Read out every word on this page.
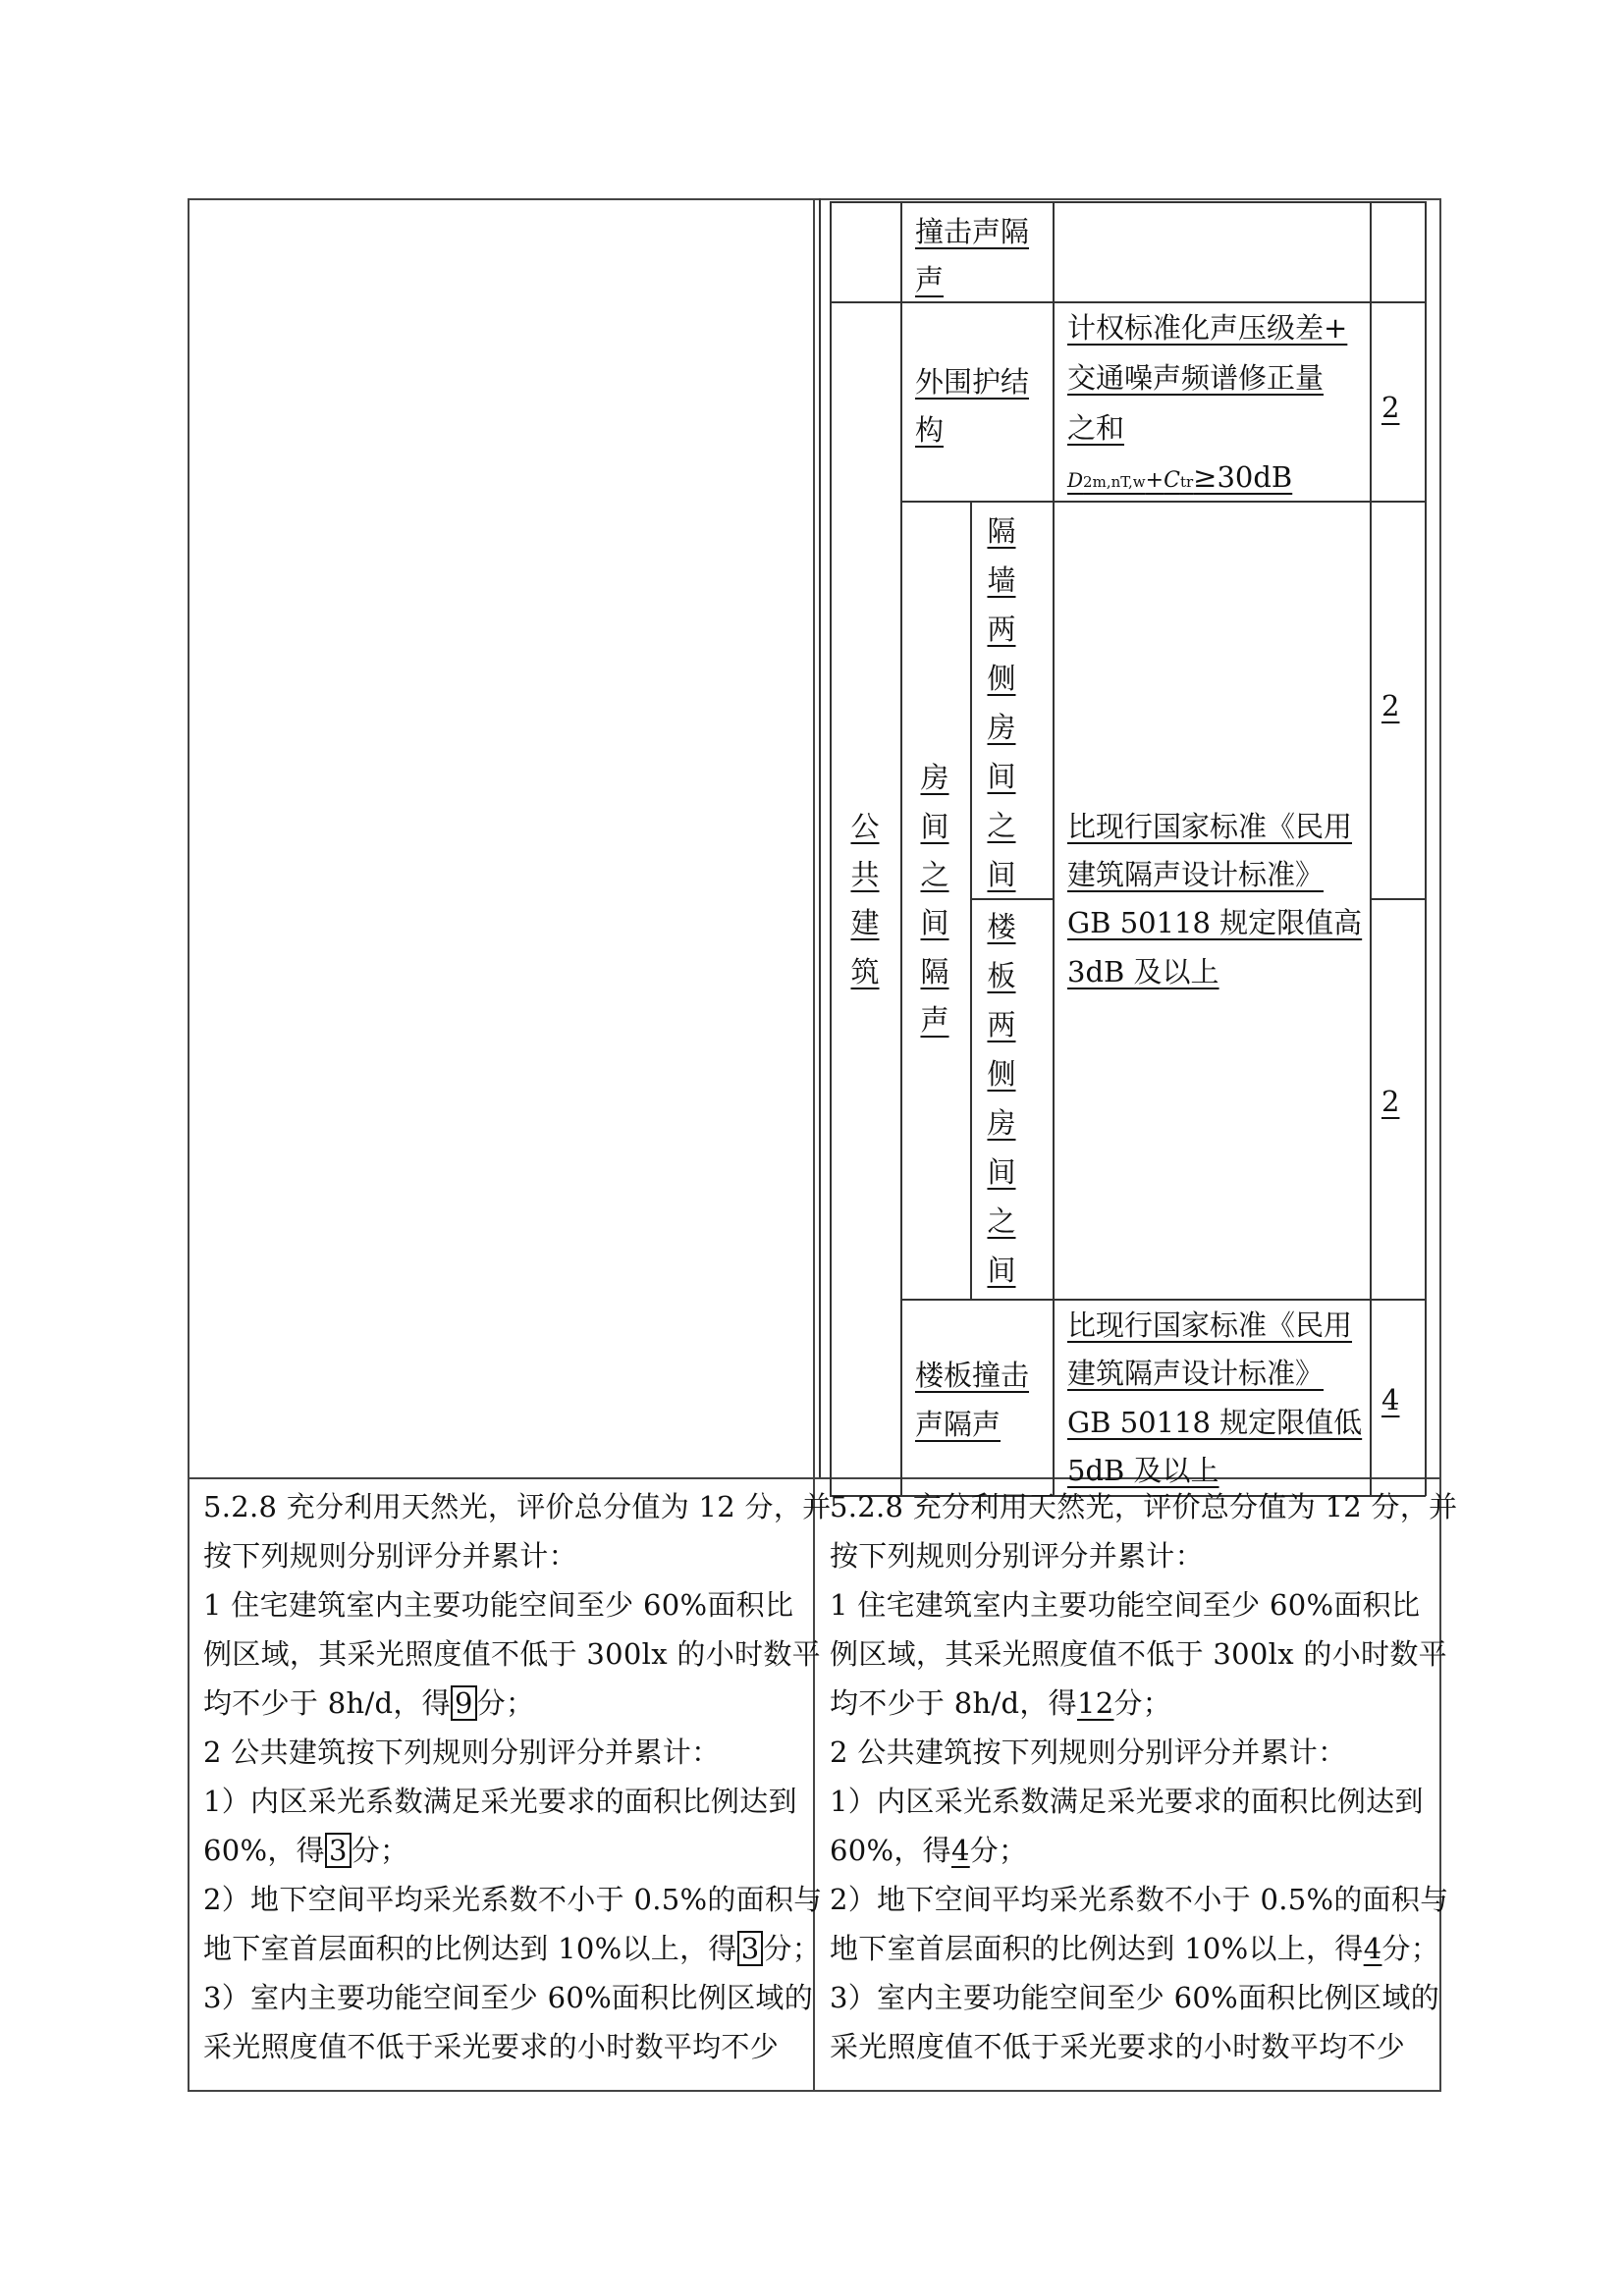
撞击声隔
声
外围护结
构
计权标准化声压级差+
交通噪声频谱修正量
之和
D2m,nT,w+Ctr≥30dB
2
公
共
建
筑
房
间
之
间
隔
声
隔
墙
两
侧
房
间
之
间
楼
板
两
侧
房
间
之
间
比现行国家标准《民用
建筑隔声设计标准》
GB 50118 规定限值高
3dB 及以上
2
2
楼板撞击
声隔声
比现行国家标准《民用
建筑隔声设计标准》
GB 50118 规定限值低
5dB 及以上
4
5.2.8 充分利用天然光，评价总分值为 12 分，并
按下列规则分别评分并累计：
1 住宅建筑室内主要功能空间至少 60%面积比
例区域，其采光照度值不低于 300lx 的小时数平
均不少于 8h/d，得 9 分；
2 公共建筑按下列规则分别评分并累计：
1）内区采光系数满足采光要求的面积比例达到
60%，得 3 分；
2）地下空间平均采光系数不小于 0.5%的面积与
地下室首层面积的比例达到 10%以上，得 3 分；
3）室内主要功能空间至少 60%面积比例区域的
采光照度值不低于采光要求的小时数平均不少
5.2.8 充分利用天然光，评价总分值为 12 分，并
按下列规则分别评分并累计：
1 住宅建筑室内主要功能空间至少 60%面积比
例区域，其采光照度值不低于 300lx 的小时数平
均不少于 8h/d，得12分；
2 公共建筑按下列规则分别评分并累计：
1）内区采光系数满足采光要求的面积比例达到
60%，得4分；
2）地下空间平均采光系数不小于 0.5%的面积与
地下室首层面积的比例达到 10%以上，得4分；
3）室内主要功能空间至少 60%面积比例区域的
采光照度值不低于采光要求的小时数平均不少
